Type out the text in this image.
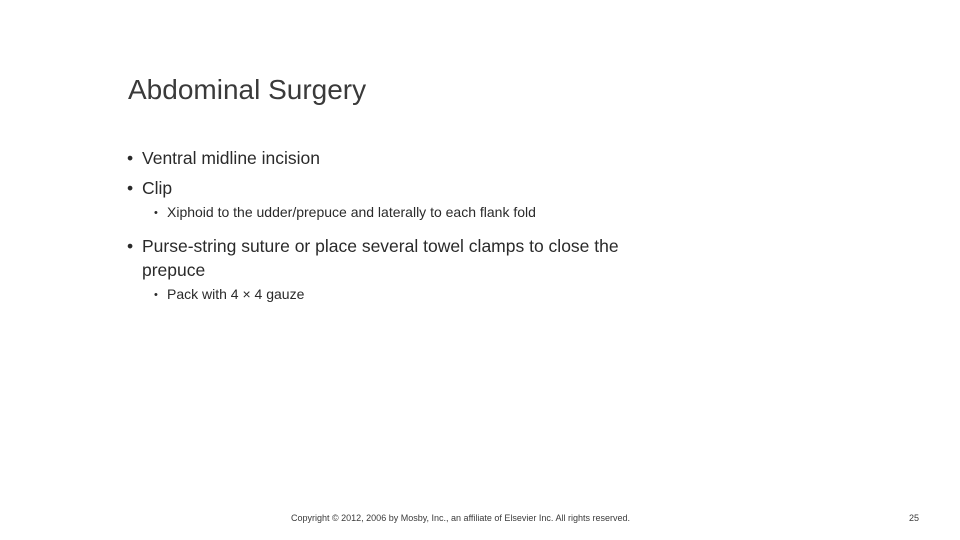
Abdominal Surgery
• Ventral midline incision
• Clip
• Xiphoid to the udder/prepuce and laterally to each flank fold
• Purse-string suture or place several towel clamps to close the prepuce
• Pack with 4 × 4 gauze
Copyright © 2012, 2006 by Mosby, Inc., an affiliate of Elsevier Inc. All rights reserved.	25
